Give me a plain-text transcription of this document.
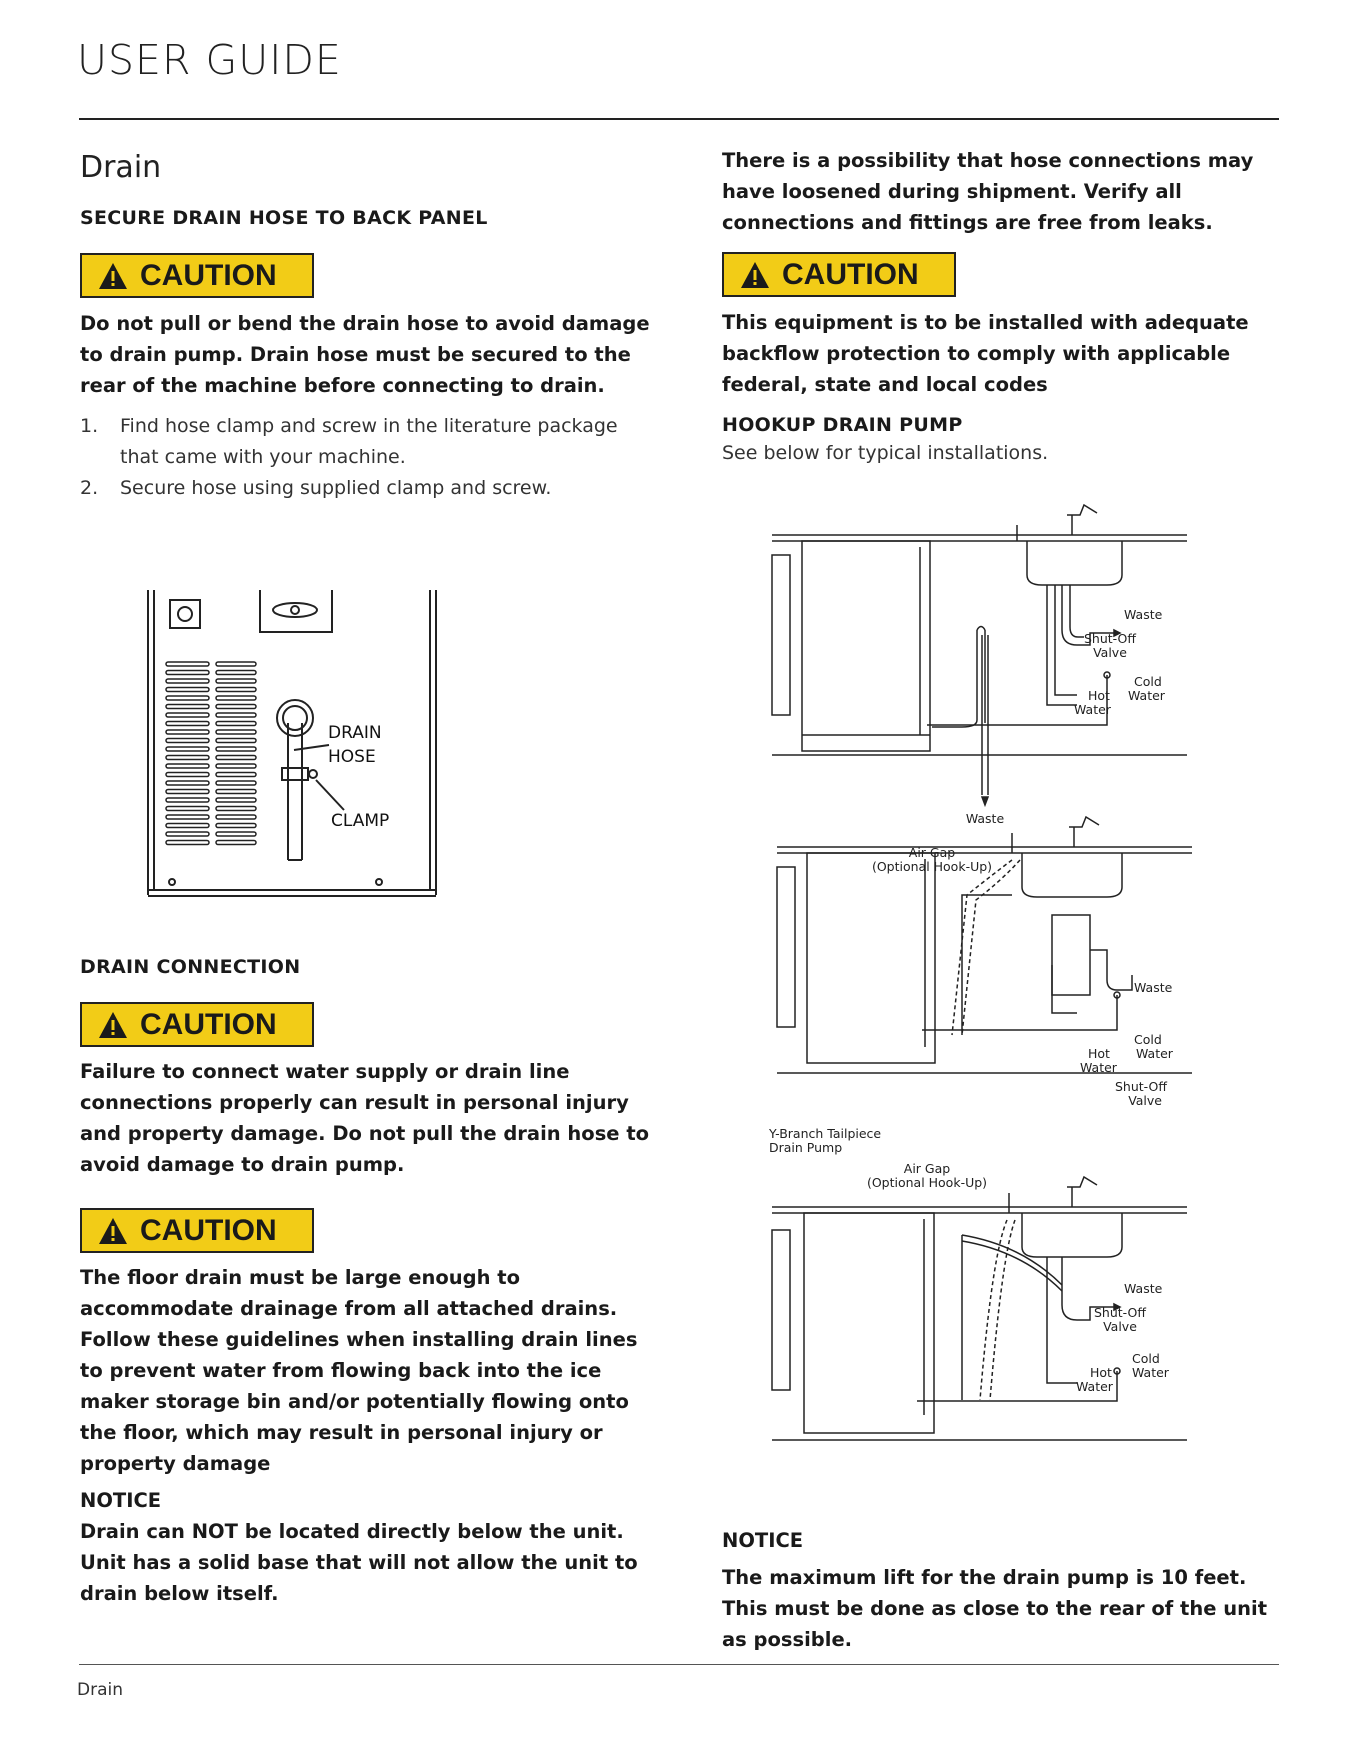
USER GUIDE
Drain

SECURE DRAIN HOSE TO BACK PANEL

CAUTION

Do not pull or bend the drain hose to avoid damage to drain pump. Drain hose must be secured to the rear of the machine before connecting to drain.

1.	Find hose clamp and screw in the literature package that came with your machine.
2.	Secure hose using supplied clamp and screw.
DRAIN
HOSE
CLAMP

DRAIN CONNECTION

CAUTION

Failure to connect water supply or drain line connections properly can result in personal injury and property damage. Do not pull the drain hose to avoid damage to drain pump.

CAUTION

The floor drain must be large enough to accommodate drainage from all attached drains. Follow these guidelines when installing drain lines to prevent water from flowing back into the ice maker storage bin and/or potentially flowing onto the floor, which may result in personal injury or property damage

NOTICE

Drain can NOT be located directly below the unit. Unit has a solid base that will not allow the unit to drain below itself.

There is a possibility that hose connections may have loosened during shipment. Verify all connections and fittings are free from leaks.

CAUTION

This equipment is to be installed with adequate backflow protection to comply with applicable federal, state and local codes

HOOKUP DRAIN PUMP

See below for typical installations.

Waste
Shut-Off
Valve
Cold
Water
Hot
Water
Waste
Air Gap
(Optional Hook-Up)
Waste
Cold
Water
Hot
Water
Shut-Off
Valve
Y-Branch Tailpiece
Drain Pump
Air Gap
(Optional Hook-Up)
Waste
Shut-Off
Valve
Cold
Water
Hot
Water

NOTICE

The maximum lift for the drain pump is 10 feet. This must be done as close to the rear of the unit as possible.

Drain
